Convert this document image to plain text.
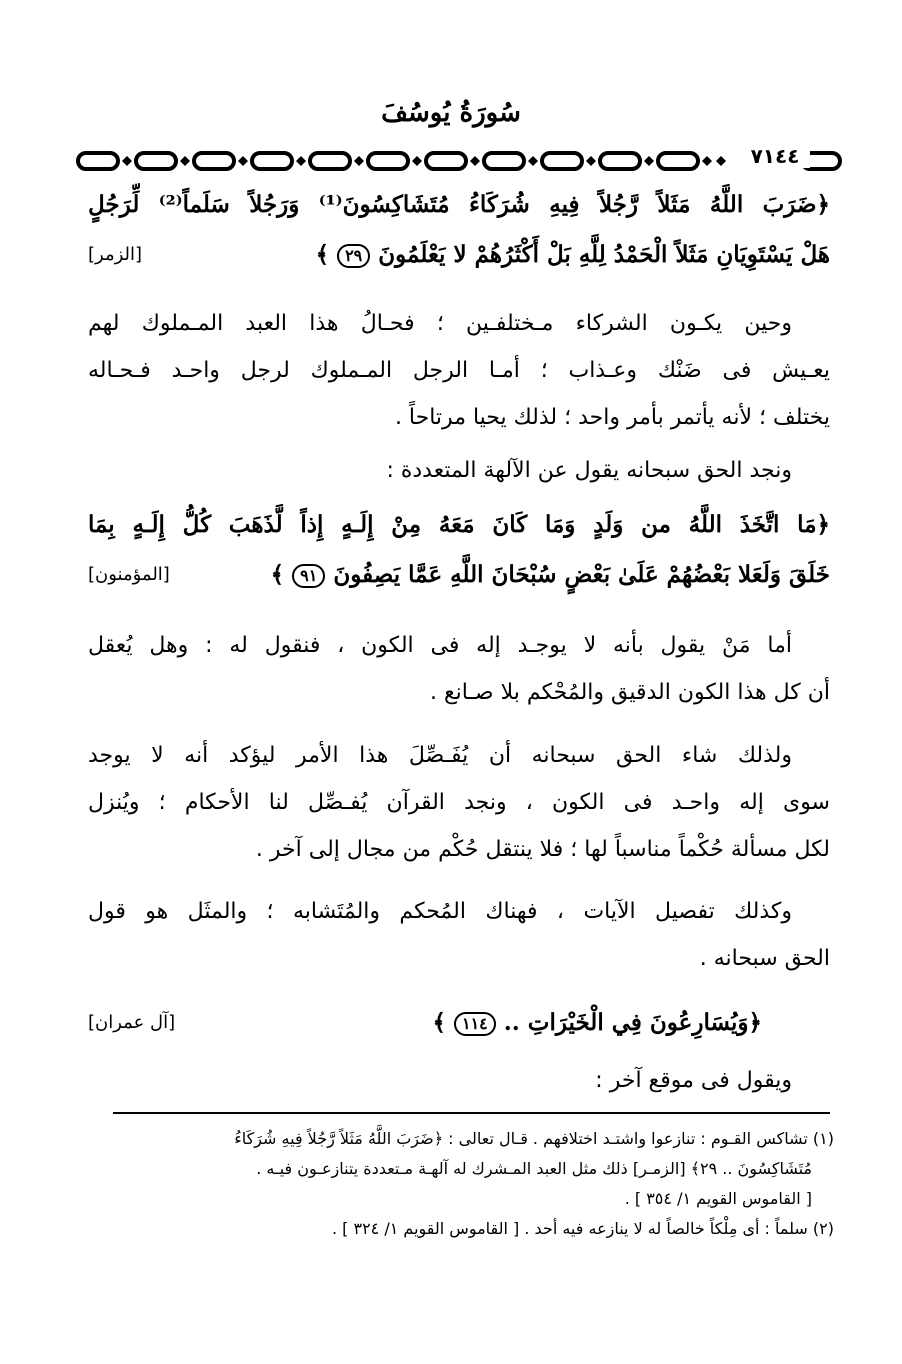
سُورَةُ يُوسُفَ
٧١٤٤
﴿ضَرَبَ اللَّهُ مَثَلاً رَّجُلاً فِيهِ شُرَكَاءُ مُتَشَاكِسُونَ⁽¹⁾ وَرَجُلاً سَلَماً⁽²⁾ لِّرَجُلٍ
هَلْ يَسْتَوِيَانِ مَثَلاً الْحَمْدُ لِلَّهِ بَلْ أَكْثَرُهُمْ لا يَعْلَمُونَ ٢٩ ﴾
[الزمر]
وحين يكـون الشركاء مـختلفـين ؛ فحـالُ هذا العبد المـملوك لهم
يعـيش فى ضَنْك وعـذاب ؛ أمـا الرجل المـملوك لرجل واحـد فـحـاله
يختلف ؛ لأنه يأتمر بأمر واحد ؛ لذلك يحيا مرتاحاً .
ونجد الحق سبحانه يقول عن الآلهة المتعددة :
﴿مَا اتَّخَذَ اللَّهُ من وَلَدٍ وَمَا كَانَ مَعَهُ مِنْ إِلَـهٍ إِذاً لَّذَهَبَ كُلُّ إِلَـهٍ بِمَا
خَلَقَ وَلَعَلا بَعْضُهُمْ عَلَىٰ بَعْضٍ سُبْحَانَ اللَّهِ عَمَّا يَصِفُونَ ٩١ ﴾
[المؤمنون]
أما مَنْ يقول بأنه لا يوجـد إله فى الكون ، فنقول له : وهل يُعقل
أن كل هذا الكون الدقيق والمُحْكم بلا صـانع .
ولذلك شاء الحق سبحانه أن يُفَـصِّلَ هذا الأمر ليؤكد أنه لا يوجد
سوى إله واحـد فى الكون ، ونجد القرآن يُفـصِّل لنا الأحكام ؛ ويُنزل
لكل مسألة حُكْماً مناسباً لها ؛ فلا ينتقل حُكْم من مجال إلى آخر .
وكذلك تفصيل الآيات ، فهناك المُحكم والمُتَشابه ؛ والمثَل هو قول
الحق سبحانه .
﴿وَيُسَارِعُونَ فِي الْخَيْرَاتِ .. ١١٤ ﴾
[آل عمران]
ويقول فى موقع آخر :
(١) تشاكس القـوم : تنازعوا واشتـد اختلافهم . قـال تعالى : ﴿ضَرَبَ اللَّهُ مَثَلاً رَّجُلاً فِيهِ شُرَكَاءُ
مُتَشَاكِسُونَ .. ٢٩﴾ [الزمـر] ذلك مثل العبد المـشرك له آلهـة مـتعددة يتنازعـون فيـه .
[ القاموس القويم ١/ ٣٥٤ ] .
(٢) سلماً : أى مِلْكاً خالصاً له لا ينازعه فيه أحد . [ القاموس القويم ١/ ٣٢٤ ] .
